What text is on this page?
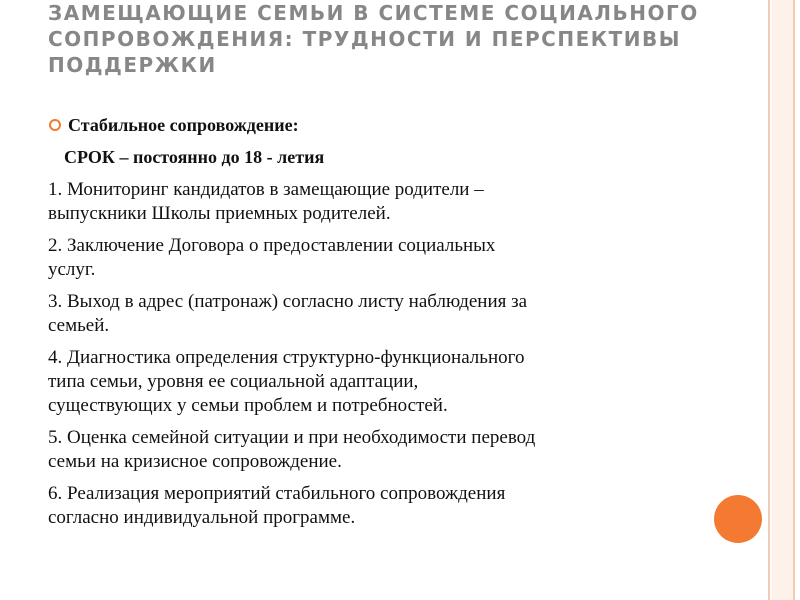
ЗАМЕЩАЮЩИЕ СЕМЬИ В СИСТЕМЕ СОЦИАЛЬНОГО
СОПРОВОЖДЕНИЯ: ТРУДНОСТИ И ПЕРСПЕКТИВЫ
ПОДДЕРЖКИ
Стабильное сопровождение:
СРОК – постоянно до 18 - летия

1. Мониторинг кандидатов в замещающие родители –

выпускники Школы приемных родителей.

2. Заключение Договора о предоставлении социальных

услуг.

3. Выход в адрес (патронаж) согласно листу наблюдения за

семьей.

4. Диагностика определения структурно-функционального

типа семьи, уровня ее социальной адаптации,

существующих у семьи проблем и потребностей.

5. Оценка семейной ситуации и при необходимости перевод

семьи на кризисное сопровождение.

6. Реализация мероприятий стабильного сопровождения

согласно индивидуальной программе.
